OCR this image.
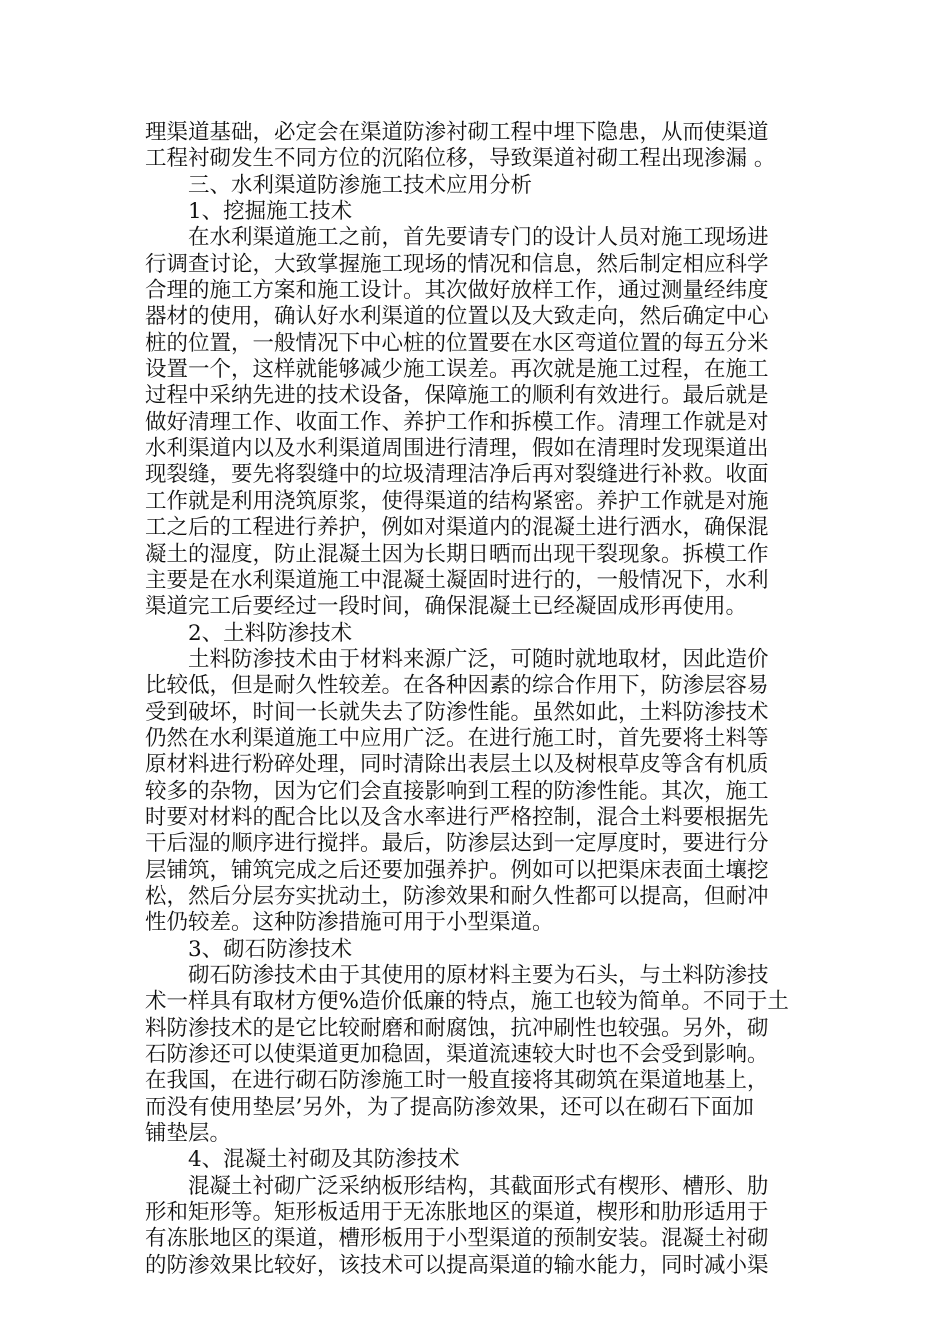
理渠道基础，必定会在渠道防渗衬砌工程中埋下隐患，从而使渠道

工程衬砌发生不同方位的沉陷位移，导致渠道衬砌工程出现渗漏 。

三、水利渠道防渗施工技术应用分析

1、挖掘施工技术

在水利渠道施工之前，首先要请专门的设计人员对施工现场进

行调查讨论，大致掌握施工现场的情况和信息，然后制定相应科学

合理的施工方案和施工设计。其次做好放样工作，通过测量经纬度

器材的使用，确认好水利渠道的位置以及大致走向，然后确定中心

桩的位置，一般情况下中心桩的位置要在水区弯道位置的每五分米

设置一个，这样就能够减少施工误差。再次就是施工过程，在施工

过程中采纳先进的技术设备，保障施工的顺利有效进行。最后就是

做好清理工作、收面工作、养护工作和拆模工作。清理工作就是对

水利渠道内以及水利渠道周围进行清理，假如在清理时发现渠道出

现裂缝，要先将裂缝中的垃圾清理洁净后再对裂缝进行补救。收面

工作就是利用浇筑原浆，使得渠道的结构紧密。养护工作就是对施

工之后的工程进行养护，例如对渠道内的混凝土进行洒水，确保混

凝土的湿度，防止混凝土因为长期日晒而出现干裂现象。拆模工作

主要是在水利渠道施工中混凝土凝固时进行的，一般情况下，水利

渠道完工后要经过一段时间，确保混凝土已经凝固成形再使用。

2、土料防渗技术

土料防渗技术由于材料来源广泛，可随时就地取材，因此造价

比较低，但是耐久性较差。在各种因素的综合作用下，防渗层容易

受到破坏，时间一长就失去了防渗性能。虽然如此，土料防渗技术

仍然在水利渠道施工中应用广泛。在进行施工时，首先要将土料等

原材料进行粉碎处理，同时清除出表层土以及树根草皮等含有机质

较多的杂物，因为它们会直接影响到工程的防渗性能。其次，施工

时要对材料的配合比以及含水率进行严格控制，混合土料要根据先

干后湿的顺序进行搅拌。最后，防渗层达到一定厚度时，要进行分

层铺筑，铺筑完成之后还要加强养护。例如可以把渠床表面土壤挖

松，然后分层夯实扰动土，防渗效果和耐久性都可以提高，但耐冲

性仍较差。这种防渗措施可用于小型渠道。

3、砌石防渗技术

砌石防渗技术由于其使用的原材料主要为石头，与土料防渗技

术一样具有取材方便%造价低廉的特点，施工也较为简单。不同于土

料防渗技术的是它比较耐磨和耐腐蚀，抗冲刷性也较强。另外，砌

石防渗还可以使渠道更加稳固，渠道流速较大时也不会受到影响。

在我国，在进行砌石防渗施工时一般直接将其砌筑在渠道地基上，

而没有使用垫层’另外，为了提高防渗效果，还可以在砌石下面加

铺垫层。

4、混凝土衬砌及其防渗技术

混凝土衬砌广泛采纳板形结构，其截面形式有楔形、槽形、肋

形和矩形等。矩形板适用于无冻胀地区的渠道，楔形和肋形适用于

有冻胀地区的渠道，槽形板用于小型渠道的预制安装。混凝土衬砌

的防渗效果比较好，该技术可以提高渠道的输水能力，同时减小渠
